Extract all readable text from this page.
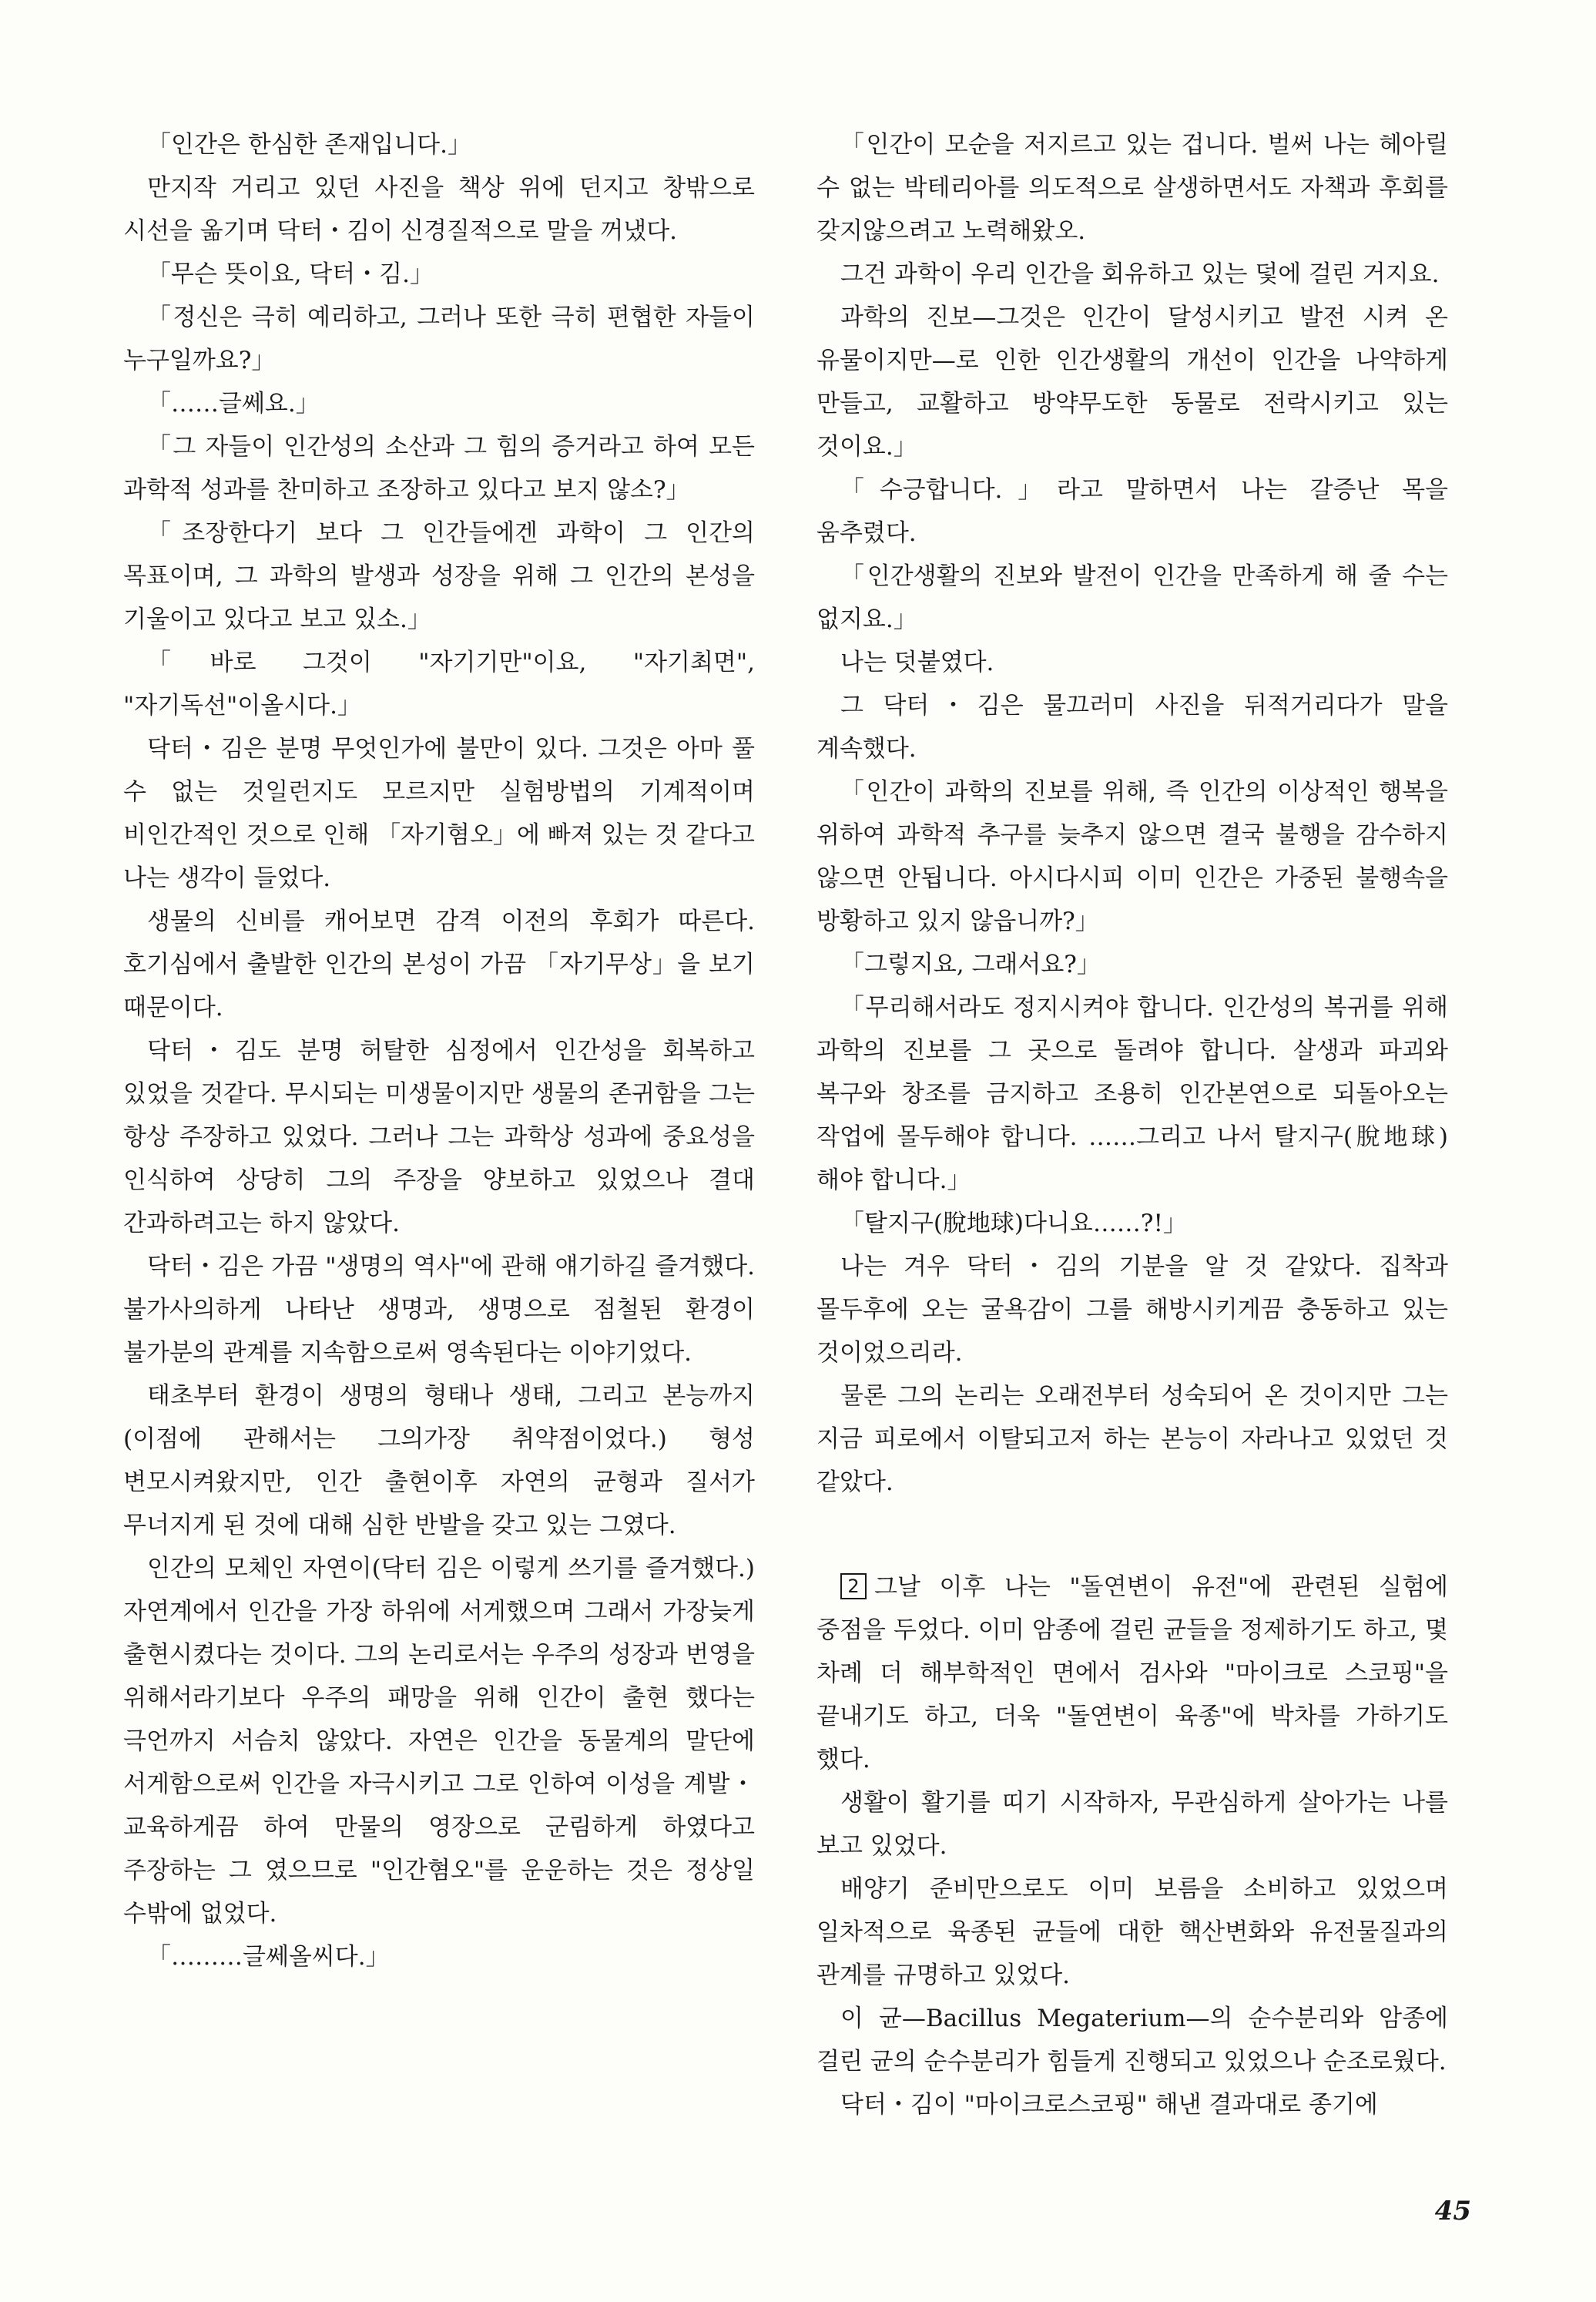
「인간은 한심한 존재입니다.」

만지작 거리고 있던 사진을 책상 위에 던지고 창밖으로 시선을 옮기며 닥터・김이 신경질적으로 말을 꺼냈다.

「무슨 뜻이요, 닥터・김.」

「정신은 극히 예리하고, 그러나 또한 극히 편협한 자들이 누구일까요?」

「……글쎄요.」

「그 자들이 인간성의 소산과 그 힘의 증거라고 하여 모든 과학적 성과를 찬미하고 조장하고 있다고 보지 않소?」

「조장한다기 보다 그 인간들에겐 과학이 그 인간의 목표이며, 그 과학의 발생과 성장을 위해 그 인간의 본성을 기울이고 있다고 보고 있소.」

「바로 그것이 "자기기만"이요, "자기최면", "자기독선"이올시다.」

닥터・김은 분명 무엇인가에 불만이 있다. 그것은 아마 풀 수 없는 것일런지도 모르지만 실험방법의 기계적이며 비인간적인 것으로 인해 「자기혐오」에 빠져 있는 것 같다고 나는 생각이 들었다.

생물의 신비를 캐어보면 감격 이전의 후회가 따른다. 호기심에서 출발한 인간의 본성이 가끔 「자기무상」을 보기 때문이다.

닥터・김도 분명 허탈한 심정에서 인간성을 회복하고 있었을 것같다. 무시되는 미생물이지만 생물의 존귀함을 그는 항상 주장하고 있었다. 그러나 그는 과학상 성과에 중요성을 인식하여 상당히 그의 주장을 양보하고 있었으나 결대 간과하려고는 하지 않았다.

닥터・김은 가끔 "생명의 역사"에 관해 얘기하길 즐겨했다. 불가사의하게 나타난 생명과, 생명으로 점철된 환경이 불가분의 관계를 지속함으로써 영속된다는 이야기었다.

태초부터 환경이 생명의 형태나 생태, 그리고 본능까지(이점에 관해서는 그의가장 취약점이었다.) 형성 변모시켜왔지만, 인간 출현이후 자연의 균형과 질서가 무너지게 된 것에 대해 심한 반발을 갖고 있는 그였다.

인간의 모체인 자연이(닥터 김은 이렇게 쓰기를 즐겨했다.) 자연계에서 인간을 가장 하위에 서게했으며 그래서 가장늦게 출현시켰다는 것이다. 그의 논리로서는 우주의 성장과 번영을 위해서라기보다 우주의 패망을 위해 인간이 출현 했다는 극언까지 서슴치 않았다. 자연은 인간을 동물계의 말단에 서게함으로써 인간을 자극시키고 그로 인하여 이성을 계발・교육하게끔 하여 만물의 영장으로 군림하게 하였다고 주장하는 그 였으므로 "인간혐오"를 운운하는 것은 정상일 수밖에 없었다.

「………글쎄올씨다.」

「인간이 모순을 저지르고 있는 겁니다. 벌써 나는 헤아릴 수 없는 박테리아를 의도적으로 살생하면서도 자책과 후회를 갖지않으려고 노력해왔오.

그건 과학이 우리 인간을 회유하고 있는 덫에 걸린 거지요.

과학의 진보—그것은 인간이 달성시키고 발전 시켜 온 유물이지만—로 인한 인간생활의 개선이 인간을 나약하게 만들고, 교활하고 방약무도한 동물로 전락시키고 있는 것이요.」

「수긍합니다.」라고 말하면서 나는 갈증난 목을 움추렸다.

「인간생활의 진보와 발전이 인간을 만족하게 해 줄 수는 없지요.」

나는 덧붙였다.

그 닥터・김은 물끄러미 사진을 뒤적거리다가 말을 계속했다.

「인간이 과학의 진보를 위해, 즉 인간의 이상적인 행복을 위하여 과학적 추구를 늦추지 않으면 결국 불행을 감수하지 않으면 안됩니다. 아시다시피 이미 인간은 가중된 불행속을 방황하고 있지 않읍니까?」

「그렇지요, 그래서요?」

「무리해서라도 정지시켜야 합니다. 인간성의 복귀를 위해 과학의 진보를 그 곳으로 돌려야 합니다. 살생과 파괴와 복구와 창조를 금지하고 조용히 인간본연으로 되돌아오는 작업에 몰두해야 합니다. ……그리고 나서 탈지구(脫地球)해야 합니다.」

「탈지구(脫地球)다니요……?!」

나는 겨우 닥터・김의 기분을 알 것 같았다. 집착과 몰두후에 오는 굴욕감이 그를 해방시키게끔 충동하고 있는 것이었으리라.

물론 그의 논리는 오래전부터 성숙되어 온 것이지만 그는 지금 피로에서 이탈되고저 하는 본능이 자라나고 있었던 것 같았다.

2 그날 이후 나는 "돌연변이 유전"에 관련된 실험에 중점을 두었다. 이미 암종에 걸린 균들을 정제하기도 하고, 몇 차례 더 해부학적인 면에서 검사와 "마이크로 스코핑"을 끝내기도 하고, 더욱 "돌연변이 육종"에 박차를 가하기도 했다.

생활이 활기를 띠기 시작하자, 무관심하게 살아가는 나를 보고 있었다.

배양기 준비만으로도 이미 보름을 소비하고 있었으며 일차적으로 육종된 균들에 대한 핵산변화와 유전물질과의 관계를 규명하고 있었다.

이 균—Bacillus Megaterium—의 순수분리와 암종에 걸린 균의 순수분리가 힘들게 진행되고 있었으나 순조로웠다.

닥터・김이 "마이크로스코핑" 해낸 결과대로 종기에

45
